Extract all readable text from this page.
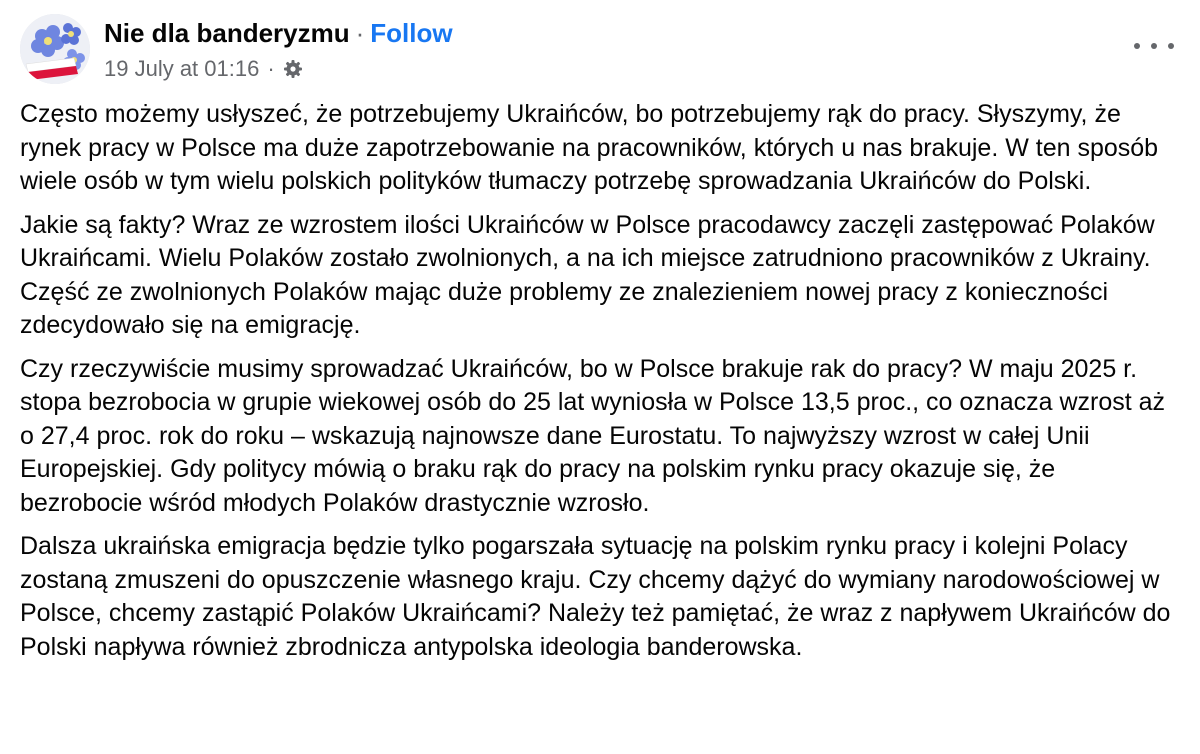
Nie dla banderyzmu · Follow
19 July at 01:16 ·

Często możemy usłyszeć, że potrzebujemy Ukraińców, bo potrzebujemy rąk do pracy. Słyszymy, że rynek pracy w Polsce ma duże zapotrzebowanie na pracowników, których u nas brakuje. W ten sposób wiele osób w tym wielu polskich polityków tłumaczy potrzebę sprowadzania Ukraińców do Polski.

Jakie są fakty? Wraz ze wzrostem ilości Ukraińców w Polsce pracodawcy zaczęli zastępować Polaków Ukraińcami. Wielu Polaków zostało zwolnionych, a na ich miejsce zatrudniono pracowników z Ukrainy. Część ze zwolnionych Polaków mając duże problemy ze znalezieniem nowej pracy z konieczności zdecydowało się na emigrację.

Czy rzeczywiście musimy sprowadzać Ukraińców, bo w Polsce brakuje rak do pracy? W maju 2025 r. stopa bezrobocia w grupie wiekowej osób do 25 lat wyniosła w Polsce 13,5 proc., co oznacza wzrost aż o 27,4 proc. rok do roku – wskazują najnowsze dane Eurostatu. To najwyższy wzrost w całej Unii Europejskiej. Gdy politycy mówią o braku rąk do pracy na polskim rynku pracy okazuje się, że bezrobocie wśród młodych Polaków drastycznie wzrosło.

Dalsza ukraińska emigracja będzie tylko pogarszała sytuację na polskim rynku pracy i kolejni Polacy zostaną zmuszeni do opuszczenie własnego kraju. Czy chcemy dążyć do wymiany narodowościowej w Polsce, chcemy zastąpić Polaków Ukraińcami? Należy też pamiętać, że wraz z napływem Ukraińców do Polski napływa również zbrodnicza antypolska ideologia banderowska.
